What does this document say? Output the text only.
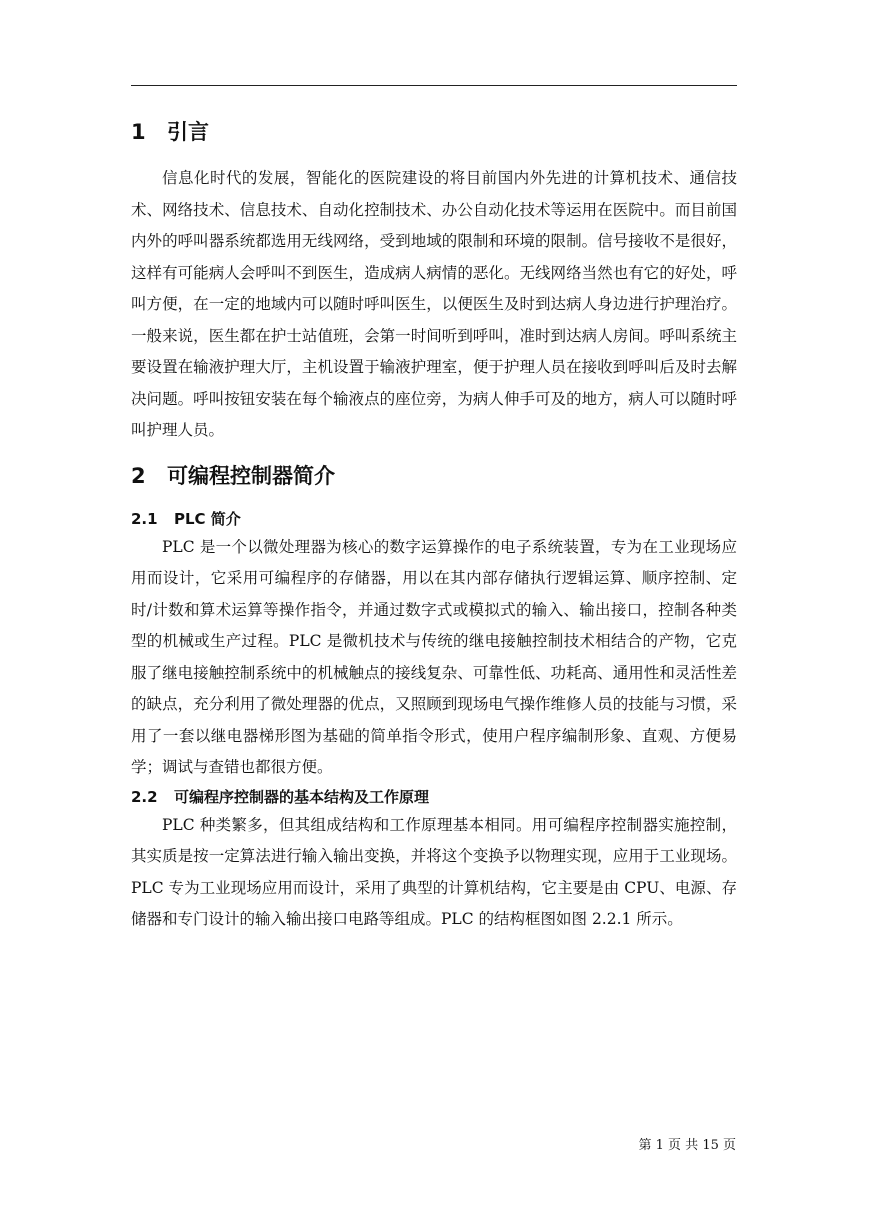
1 引言

信息化时代的发展，智能化的医院建设的将目前国内外先进的计算机技术、通信技术、网络技术、信息技术、自动化控制技术、办公自动化技术等运用在医院中。而目前国内外的呼叫器系统都选用无线网络，受到地域的限制和环境的限制。信号接收不是很好，这样有可能病人会呼叫不到医生，造成病人病情的恶化。无线网络当然也有它的好处，呼叫方便，在一定的地域内可以随时呼叫医生，以便医生及时到达病人身边进行护理治疗。一般来说，医生都在护士站值班，会第一时间听到呼叫，准时到达病人房间。呼叫系统主要设置在输液护理大厅，主机设置于输液护理室，便于护理人员在接收到呼叫后及时去解决问题。呼叫按钮安装在每个输液点的座位旁，为病人伸手可及的地方，病人可以随时呼叫护理人员。

2 可编程控制器简介
2.1 PLC 简介

PLC 是一个以微处理器为核心的数字运算操作的电子系统装置，专为在工业现场应用而设计，它采用可编程序的存储器，用以在其内部存储执行逻辑运算、顺序控制、定时/计数和算术运算等操作指令，并通过数字式或模拟式的输入、输出接口，控制各种类型的机械或生产过程。PLC 是微机技术与传统的继电接触控制技术相结合的产物，它克服了继电接触控制系统中的机械触点的接线复杂、可靠性低、功耗高、通用性和灵活性差的缺点，充分利用了微处理器的优点，又照顾到现场电气操作维修人员的技能与习惯，采用了一套以继电器梯形图为基础的简单指令形式，使用户程序编制形象、直观、方便易学；调试与查错也都很方便。

2.2 可编程序控制器的基本结构及工作原理

PLC 种类繁多，但其组成结构和工作原理基本相同。用可编程序控制器实施控制，其实质是按一定算法进行输入输出变换，并将这个变换予以物理实现，应用于工业现场。PLC 专为工业现场应用而设计，采用了典型的计算机结构，它主要是由 CPU、电源、存储器和专门设计的输入输出接口电路等组成。PLC 的结构框图如图 2.2.1 所示。

第 1 页 共 15 页
